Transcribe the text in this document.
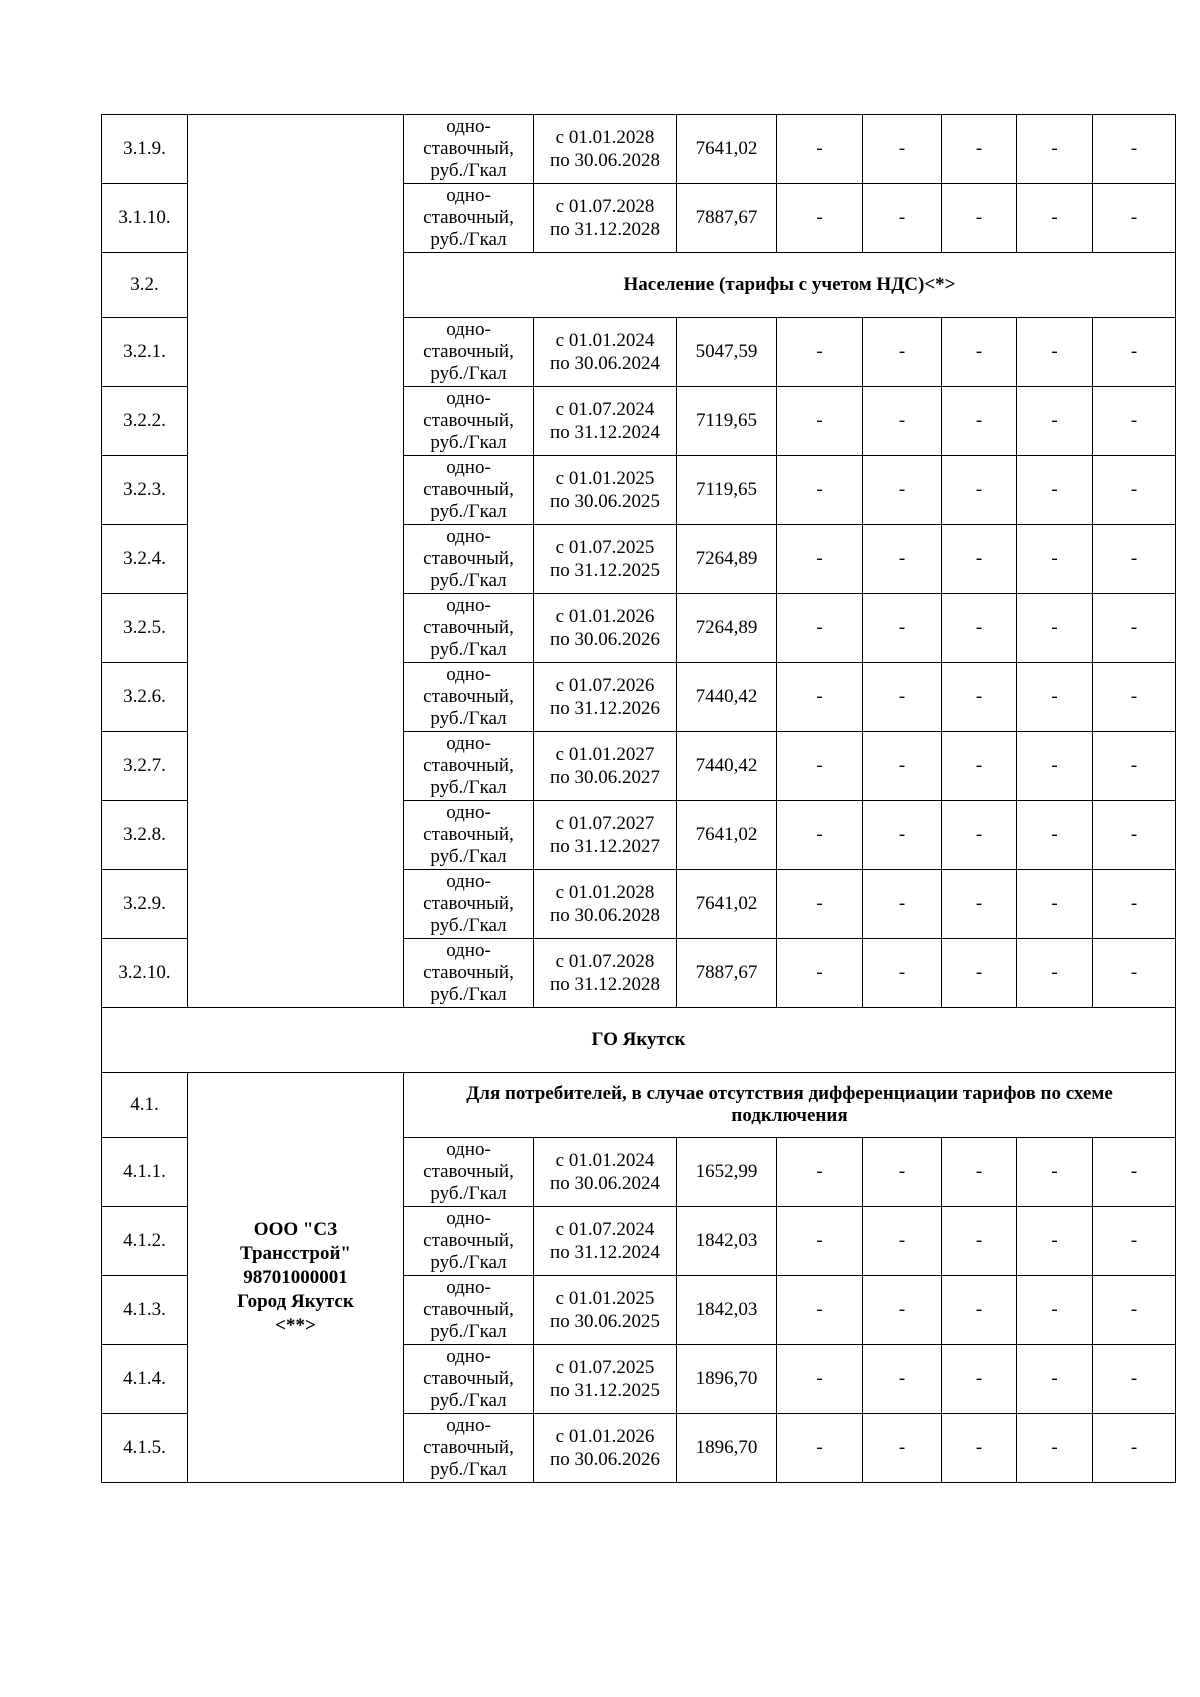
3.1.9.		одно-
ставочный,
руб./Гкал	с 01.01.2028
по 30.06.2028	7641,02	-	-	-	-	-
3.1.10.		одно-
ставочный,
руб./Гкал	с 01.07.2028
по 31.12.2028	7887,67	-	-	-	-	-
3.2.		Население (тарифы с учетом НДС)<*>							
3.2.1.		одно-
ставочный,
руб./Гкал	с 01.01.2024
по 30.06.2024	5047,59	-	-	-	-	-
3.2.2.		одно-
ставочный,
руб./Гкал	с 01.07.2024
по 31.12.2024	7119,65	-	-	-	-	-
3.2.3.		одно-
ставочный,
руб./Гкал	с 01.01.2025
по 30.06.2025	7119,65	-	-	-	-	-
3.2.4.		одно-
ставочный,
руб./Гкал	с 01.07.2025
по 31.12.2025	7264,89	-	-	-	-	-
3.2.5.		одно-
ставочный,
руб./Гкал	с 01.01.2026
по 30.06.2026	7264,89	-	-	-	-	-
3.2.6.		одно-
ставочный,
руб./Гкал	с 01.07.2026
по 31.12.2026	7440,42	-	-	-	-	-
3.2.7.		одно-
ставочный,
руб./Гкал	с 01.01.2027
по 30.06.2027	7440,42	-	-	-	-	-
3.2.8.		одно-
ставочный,
руб./Гкал	с 01.07.2027
по 31.12.2027	7641,02	-	-	-	-	-
3.2.9.		одно-
ставочный,
руб./Гкал	с 01.01.2028
по 30.06.2028	7641,02	-	-	-	-	-
3.2.10.		одно-
ставочный,
руб./Гкал	с 01.07.2028
по 31.12.2028	7887,67	-	-	-	-	-
ГО Якутск									
4.1.	ООО "СЗ
Трансстрой"
98701000001
Город Якутск
<**>	Для потребителей, в случае отсутствия дифференциации тарифов по схеме подключения							
4.1.1.		одно-
ставочный,
руб./Гкал	с 01.01.2024
по 30.06.2024	1652,99	-	-	-	-	-
4.1.2.		одно-
ставочный,
руб./Гкал	с 01.07.2024
по 31.12.2024	1842,03	-	-	-	-	-
4.1.3.		одно-
ставочный,
руб./Гкал	с 01.01.2025
по 30.06.2025	1842,03	-	-	-	-	-
4.1.4.		одно-
ставочный,
руб./Гкал	с 01.07.2025
по 31.12.2025	1896,70	-	-	-	-	-
4.1.5.		одно-
ставочный,
руб./Гкал	с 01.01.2026
по 30.06.2026	1896,70	-	-	-	-	-
